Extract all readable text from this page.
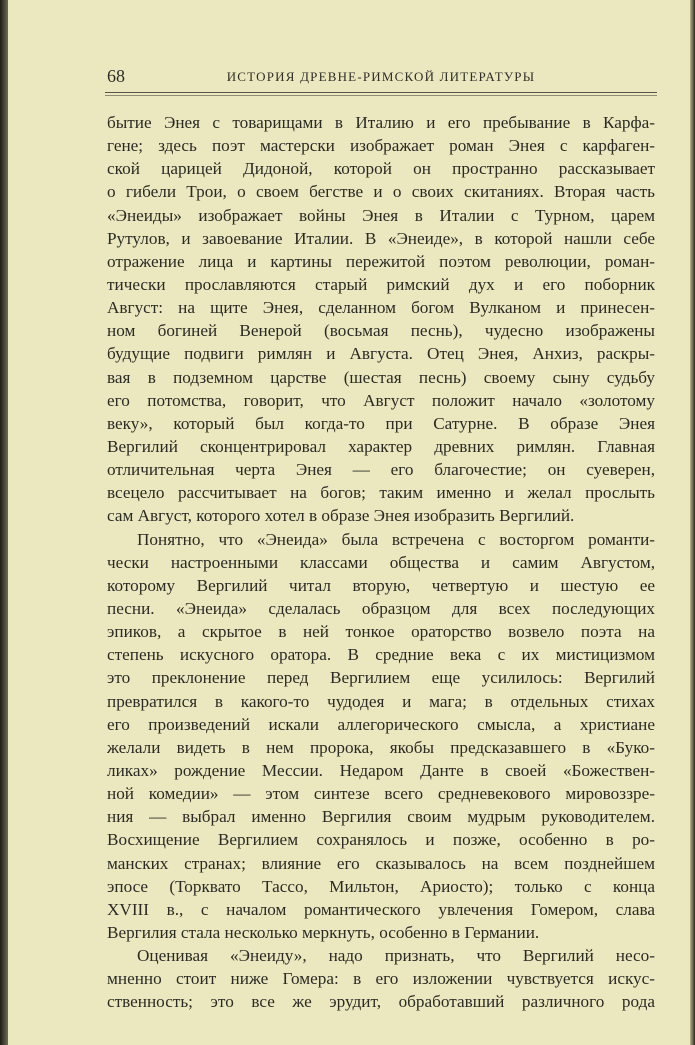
68	ИСТОРИЯ ДРЕВНЕ-РИМСКОЙ ЛИТЕРАТУРЫ
бытие Энея с товарищами в Италию и его пребывание в Карфа-
гене; здесь поэт мастерски изображает роман Энея с карфаген-
ской царицей Дидоной, которой он пространно рассказывает
о гибели Трои, о своем бегстве и о своих скитаниях. Вторая часть
«Энеиды» изображает войны Энея в Италии с Турном, царем
Рутулов, и завоевание Италии. В «Энеиде», в которой нашли себе
отражение лица и картины пережитой поэтом революции, роман-
тически прославляются старый римский дух и его поборник
Август: на щите Энея, сделанном богом Вулканом и принесен-
ном богиней Венерой (восьмая песнь), чудесно изображены
будущие подвиги римлян и Августа. Отец Энея, Анхиз, раскры-
вая в подземном царстве (шестая песнь) своему сыну судьбу
его потомства, говорит, что Август положит начало «золотому
веку», который был когда-то при Сатурне. В образе Энея
Вергилий сконцентрировал характер древних римлян. Главная
отличительная черта Энея — его благочестие; он суеверен,
всецело рассчитывает на богов; таким именно и желал прослыть
сам Август, которого хотел в образе Энея изобразить Вергилий.
Понятно, что «Энеида» была встречена с восторгом романти-
чески настроенными классами общества и самим Августом,
которому Вергилий читал вторую, четвертую и шестую ее
песни. «Энеида» сделалась образцом для всех последующих
эпиков, а скрытое в ней тонкое ораторство возвело поэта на
степень искусного оратора. В средние века с их мистицизмом
это преклонение перед Вергилием еще усилилось: Вергилий
превратился в какого-то чудодея и мага; в отдельных стихах
его произведений искали аллегорического смысла, а христиане
желали видеть в нем пророка, якобы предсказавшего в «Буко-
ликах» рождение Мессии. Недаром Данте в своей «Божествен-
ной комедии» — этом синтезе всего средневекового мировоззре-
ния — выбрал именно Вергилия своим мудрым руководителем.
Восхищение Вергилием сохранялось и позже, особенно в ро-
манских странах; влияние его сказывалось на всем позднейшем
эпосе (Торквато Тассо, Мильтон, Ариосто); только с конца
XVIII в., с началом романтического увлечения Гомером, слава
Вергилия стала несколько меркнуть, особенно в Германии.
Оценивая «Энеиду», надо признать, что Вергилий несо-
мненно стоит ниже Гомера: в его изложении чувствуется искус-
ственность; это все же эрудит, обработавший различного рода
